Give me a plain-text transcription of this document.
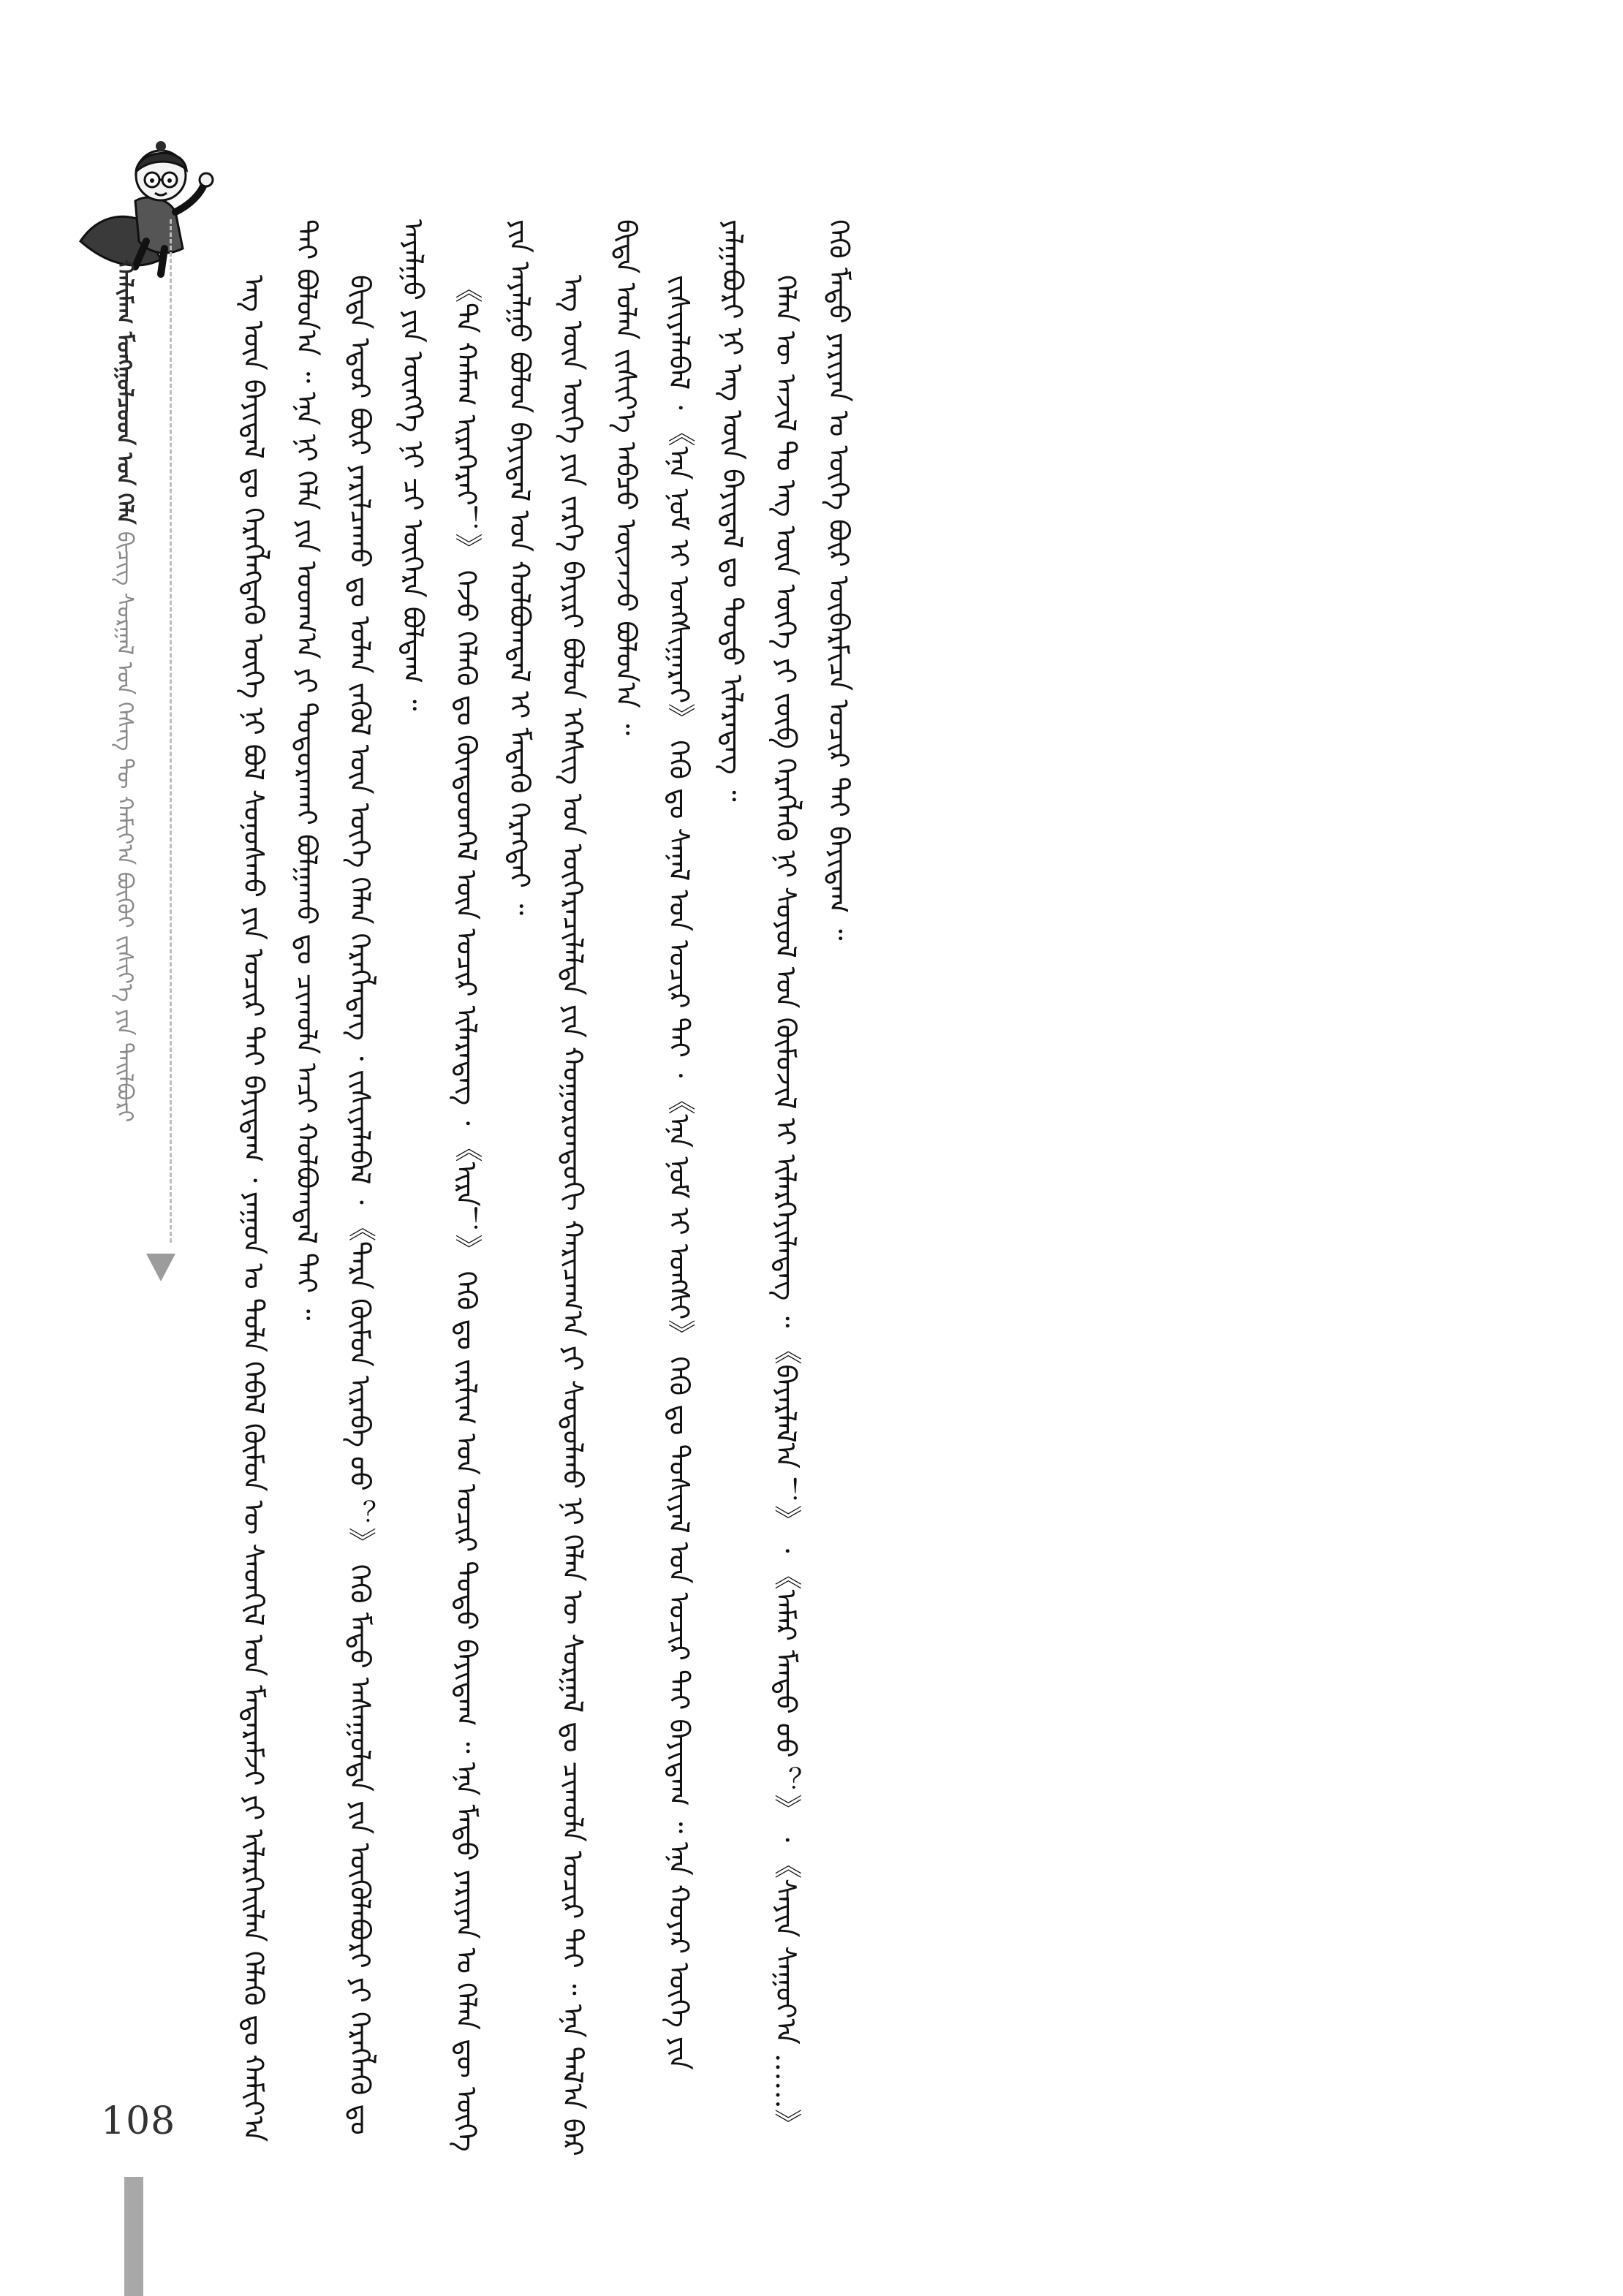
ᠬᠠᠯᠢᠮᠠᠭ ᠮᠣᠩᠭᠣᠯᠴᠤᠳ ᠤᠨ ᠬᠡᠯᠡ ᠪᠢᠴᠢᠭ ᠰᠤᠷᠭᠠᠯ ᠤᠨ ᠬᠡᠰᠡᠭ ᠲᠦ ᠬᠠᠮᠢᠶ᠎ᠠ ᠪᠦᠬᠦᠢ ᠵᠢᠱᠢᠶ᠎ᠡ ᠶᠢᠨ ᠲᠠᠢᠯᠪᠤᠷᠢ	ᠡᠩ ᠦᠨ ᠪᠠᠶᠢᠳᠠᠯ ᠳᠤ ᠬᠡᠷᠡᠭᠯᠡᠭᠳᠡᠬᠦ ᠦᠭᠡ ᠨᠢ ᠪᠣᠯ ᠰᠣᠨᠣᠰᠬᠤ ᠶᠢᠨ ᠤᠴᠢᠷ ᠲᠠᠢ ᠪᠠᠶᠢᠳᠠᠭ ᠂ ᠶᠠᠭᠤᠨ ᠤ ᠲᠤᠯᠠ ᠭᠡᠪᠡᠯ ᠬᠦᠮᠦᠨ ᠦ ᠰᠡᠳᠬᠢᠯ ᠤᠨ ᠮᠡᠳᠡᠷᠡᠮᠵᠢ ᠶᠢ ᠢᠯᠡᠷᠬᠡᠢᠯᠡᠨ ᠬᠡᠯᠡᠬᠦ ᠳᠤ ᠬᠠᠮᠢᠶ᠎ᠠ ᠲᠠᠢ ᠪᠣᠯᠤᠨ᠎ᠠ ᠃ ᠡᠨᠡ ᠨᠢ ᠬᠡᠯᠡ ᠶᠢᠨ ᠤᠳᠬ᠎ᠠ ᠶᠢ ᠲᠣᠳᠤᠷᠠᠬᠠᠢ ᠪᠣᠯᠭᠠᠬᠤ ᠳᠤ ᠴᠢᠬᠤᠯᠠ ᠠᠴᠢ ᠬᠣᠯᠪᠣᠭᠳᠠᠯ ᠲᠠᠢ ᠃ ᠪᠢᠳᠡ ᠡᠳᠦᠷ ᠪᠦᠷ ᠶᠠᠷᠢᠯᠴᠠᠬᠤ ᠳᠤ ᠣᠯᠠᠨ ᠵᠡᠭᠦᠯ ᠦᠨ ᠦᠭᠡ ᠬᠡᠯᠡᠨ ᠬᠡᠷᠡᠭᠯᠡᠳᠡᠭ ᠂ ᠵᠢᠱᠢᠶᠡᠯᠡᠪᠡᠯ ᠂ 《ᠲᠡᠷᠡ ᠬᠥᠮᠦᠨ ᠢᠷᠡᠪᠡ ᠦᠦ ？》 ᠭᠡᠬᠦ ᠮᠡᠲᠦ ᠠᠰᠠᠭᠤᠯᠲᠠ ᠶᠢᠨ ᠥᠭᠦᠯᠡᠪᠦᠷᠢ ᠶᠢ ᠬᠡᠷᠡᠭᠯᠡᠬᠦ ᠳᠤ ᠠᠶᠠᠯᠭᠤ ᠶᠢᠨ ᠥᠩᠭᠡ ᠨᠢ ᠴᠢ ᠥᠭᠡᠷᠡ ᠪᠣᠯᠳᠠᠭ ᠃ 《ᠲᠠ ᠬᠠᠮᠠᠭ ᠢᠷᠡᠭᠡᠷᠡᠢ！》 ᠭᠡᠵᠦ ᠬᠡᠯᠡᠬᠦ ᠳᠤ ᠬᠦᠨᠳᠦᠳᠬᠡᠯ ᠦᠨ ᠤᠴᠢᠷ ᠢᠯᠡᠷᠡᠳᠡᠭ ᠂ 《ᠢᠷᠡ！》 ᠭᠡᠬᠦ ᠳᠤ ᠵᠠᠷᠯᠢᠭ ᠤᠨ ᠤᠴᠢᠷ ᠲᠣᠳᠣ ᠪᠠᠶᠢᠳᠠᠭ ᠃ ᠡᠨᠡ ᠮᠡᠲᠦ ᠶᠠᠷᠢᠶᠠᠨ ᠤ ᠬᠡᠯᠡᠨ ᠳᠦ ᠦᠭᠡ ᠶᠢᠨ ᠠᠶᠠᠯᠭᠤ ᠪᠣᠯᠤᠨ ᠪᠠᠶᠢᠳᠠᠯ ᠤᠨ ᠬᠣᠯᠪᠣᠭᠳᠠᠯ ᠢ ᠮᠡᠳᠡᠬᠦ ᠬᠡᠷᠡᠭᠲᠡᠢ ᠃ ᠡᠩ ᠦᠨ ᠦᠭᠡ ᠶᠢᠨ ᠵᠡᠷᠭᠡ ᠪᠠᠶᠢᠷᠢ ᠪᠣᠯᠤᠨ ᠡᠭᠡᠰᠢᠭ ᠤᠨ ᠥᠭᠡᠷᠡᠴᠢᠯᠡᠯᠲᠡ ᠶᠢᠨ ᠬᠣᠭᠣᠷᠤᠨᠳᠤᠬᠢ ᠬᠠᠷᠢᠴᠠᠭ᠎ᠠ ᠶᠢ ᠰᠤᠳᠤᠯᠬᠤ ᠨᠢ ᠬᠡᠯᠡᠨ ᠦ ᠰᠤᠷᠭᠠᠯ ᠳᠤ ᠴᠢᠬᠤᠯᠠ ᠤᠴᠢᠷ ᠲᠠᠢ ᠃ ᠡᠨᠡ ᠲᠠᠯ᠎ᠠ ᠪᠠᠷ ᠪᠢᠳᠡ ᠣᠯᠠᠨ ᠵᠢᠱᠢᠶ᠎ᠡ ᠠᠪᠴᠤ ᠦᠵᠡᠵᠦ ᠪᠣᠯᠤᠨ᠎ᠠ ᠃ ᠵᠢᠱᠢᠶᠡᠯᠡᠪᠡᠯ ᠂ 《ᠡᠨᠡ ᠨᠣᠮ ᠢ ᠤᠩᠰᠢᠭᠠᠷᠠᠢ》 ᠭᠡᠬᠦ ᠳᠤ ᠰᠠᠨᠠᠯ ᠤᠨ ᠤᠴᠢᠷ ᠲᠠᠢ ᠂ 《ᠡᠨᠡ ᠨᠣᠮ ᠢ ᠤᠩᠰᠢ》 ᠭᠡᠬᠦ ᠳᠤ ᠲᠤᠰᠢᠶᠠᠯ ᠤᠨ ᠤᠴᠢᠷ ᠲᠠᠢ ᠪᠠᠶᠢᠳᠠᠭ ᠃ ᠡᠨᠡ ᠬᠣᠶᠠᠷ ᠦᠭᠡ ᠶᠢᠨ ᠶᠠᠯᠭᠠᠪᠤᠷᠢ ᠨᠢ ᠡᠩ ᠦᠨ ᠪᠠᠶᠢᠳᠠᠯ ᠳᠤ ᠲᠣᠳᠣ ᠢᠯᠡᠷᠡᠳᠡᠭ ᠃ ᠬᠡᠯᠡᠨ ᠦ ᠠᠵᠢᠯ ᠲᠤ ᠡᠩ ᠦᠨ ᠦᠭᠡ ᠶᠢ ᠵᠥᠪ ᠬᠡᠷᠡᠭᠯᠡᠬᠦ ᠨᠢ ᠰᠣᠶᠣᠯ ᠤᠨ ᠬᠥᠮᠦᠵᠢᠯ ᠢ ᠢᠯᠡᠷᠬᠡᠶᠢᠯᠡᠳᠡᠭ ᠃ 《ᠪᠠᠶᠠᠷᠯᠠᠯ᠎ᠠ ！》 ᠂ 《ᠠᠮᠠᠷ ᠮᠡᠨᠳᠦ ᠦᠦ ？》 ᠂ 《ᠰᠠᠶᠢᠨ ᠰᠠᠭᠤᠶ᠎ᠠ ……》 ᠭᠡᠬᠦ ᠮᠡᠲᠦ ᠶᠠᠷᠢᠶᠠᠨ ᠤ ᠦᠭᠡ ᠪᠦᠷ ᠥᠪᠡᠷᠮᠢᠴᠡ ᠤᠴᠢᠷ ᠲᠠᠢ ᠪᠠᠶᠢᠳᠠᠭ ᠃

108
